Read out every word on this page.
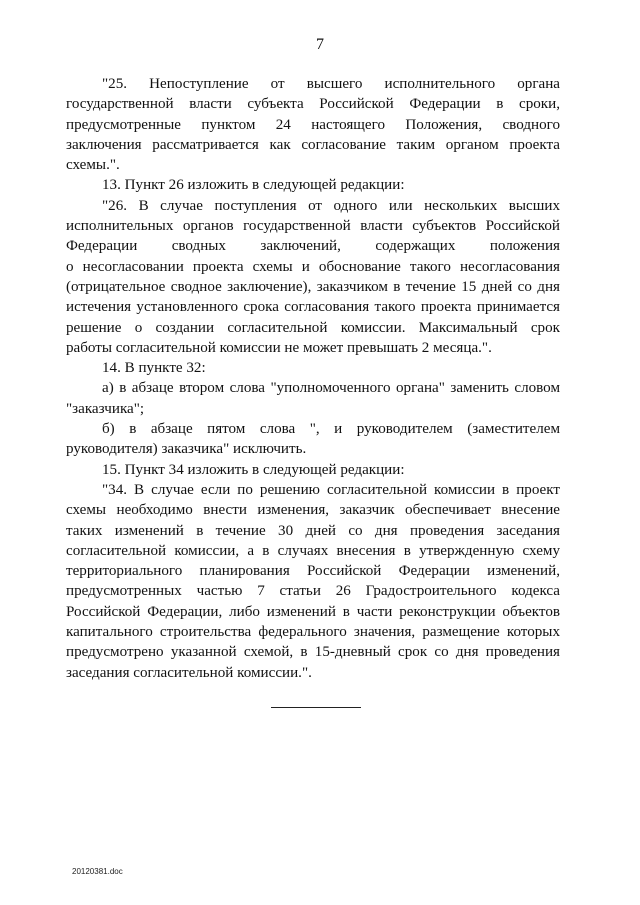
7

"25. Непоступление от высшего исполнительного органа
государственной власти субъекта Российской Федерации в сроки,
предусмотренные пунктом 24 настоящего Положения, сводного
заключения рассматривается как согласование таким органом проекта
схемы.".

13. Пункт 26 изложить в следующей редакции:

"26. В случае поступления от одного или нескольких высших
исполнительных органов государственной власти субъектов Российской
Федерации сводных заключений, содержащих положения
о несогласовании проекта схемы и обоснование такого несогласования
(отрицательное сводное заключение), заказчиком в течение 15 дней со дня
истечения установленного срока согласования такого проекта принимается
решение о создании согласительной комиссии. Максимальный срок
работы согласительной комиссии не может превышать 2 месяца.".

14. В пункте 32:

а) в абзаце втором слова "уполномоченного органа" заменить словом
"заказчика";

б) в абзаце пятом слова ", и руководителем (заместителем
руководителя) заказчика" исключить.

15. Пункт 34 изложить в следующей редакции:

"34. В случае если по решению согласительной комиссии в проект
схемы необходимо внести изменения, заказчик обеспечивает внесение
таких изменений в течение 30 дней со дня проведения заседания
согласительной комиссии, а в случаях внесения в утвержденную схему
территориального планирования Российской Федерации изменений,
предусмотренных частью 7 статьи 26 Градостроительного кодекса
Российской Федерации, либо изменений в части реконструкции объектов
капитального строительства федерального значения, размещение которых
предусмотрено указанной схемой, в 15-дневный срок со дня проведения
заседания согласительной комиссии.".

20120381.doc
